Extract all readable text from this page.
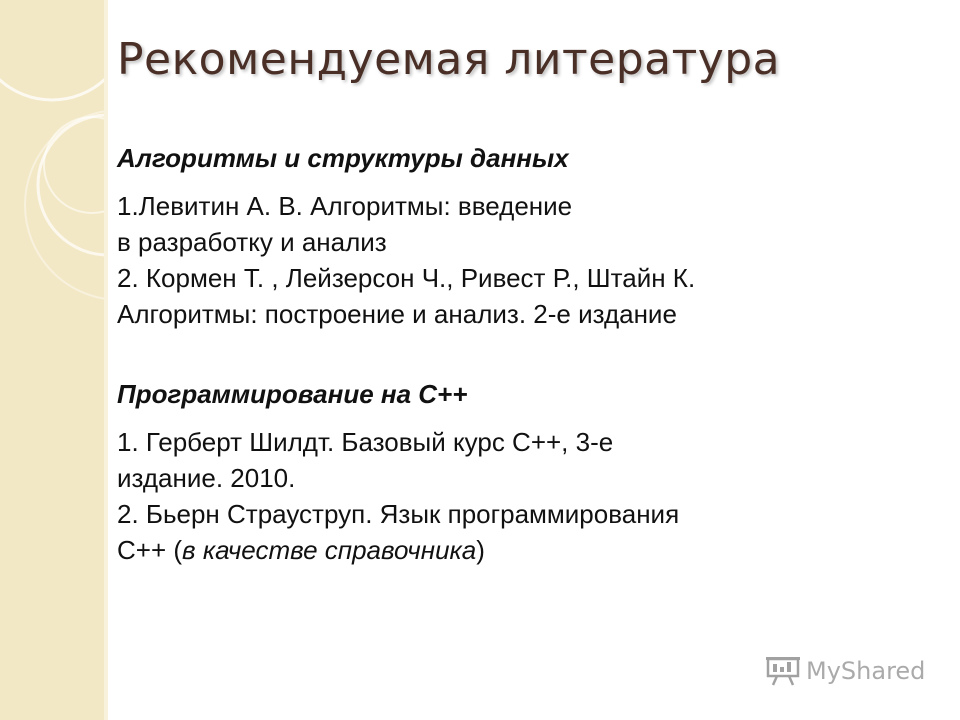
Рекомендуемая литература
Алгоритмы и структуры данных
1.Левитин А. В. Алгоритмы: введение
в разработку и анализ
2. Кормен Т. , Лейзерсон Ч., Ривест Р., Штайн К.
Алгоритмы: построение и анализ. 2-е издание
Программирование на С++
1. Герберт Шилдт. Базовый курс С++, 3-е
издание. 2010.
2. Бьерн Страуструп. Язык программирования
С++ (в качестве справочника)
MyShared
